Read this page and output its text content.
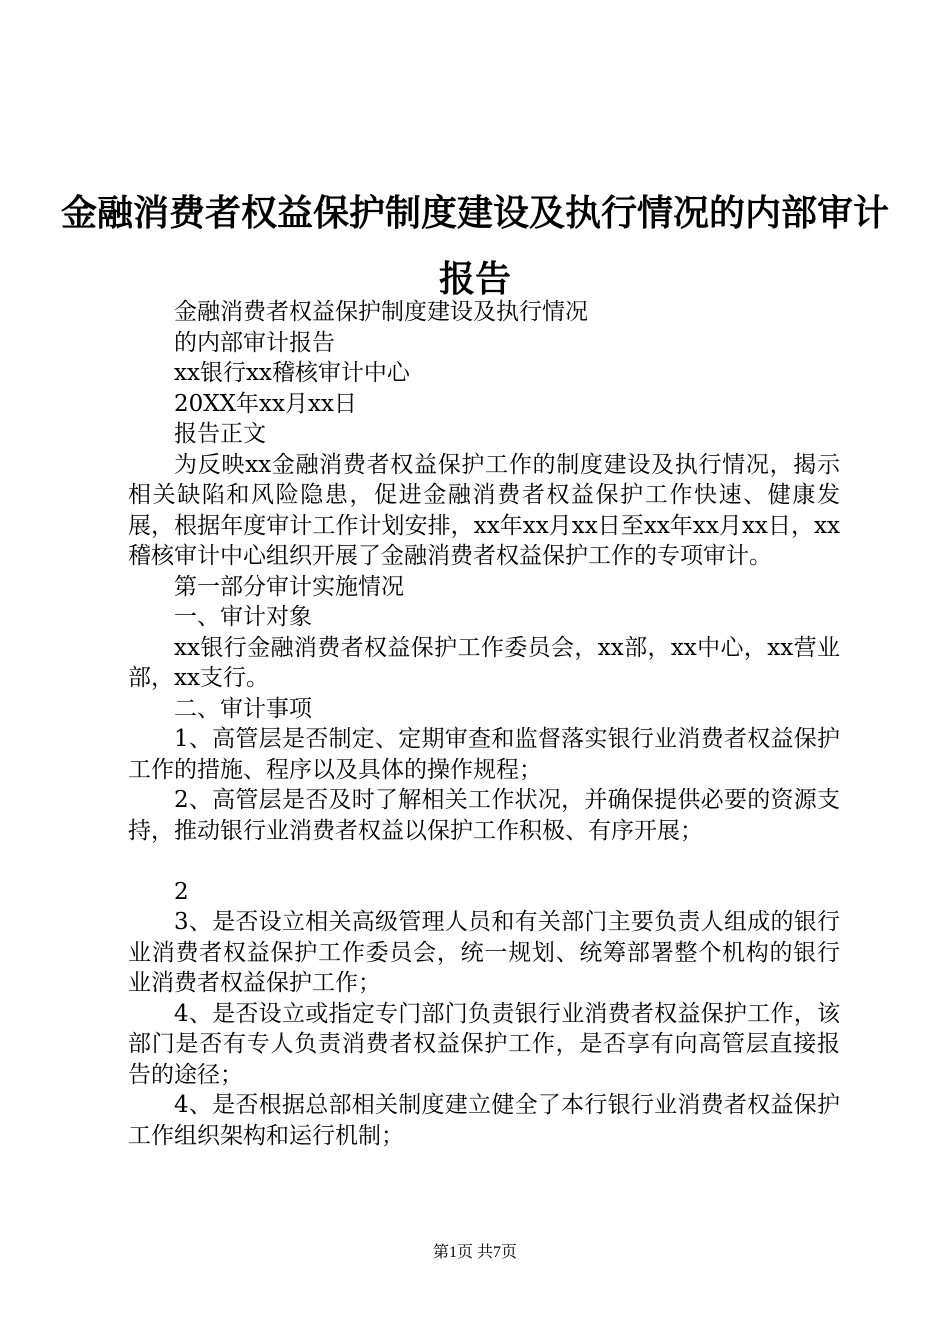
金融消费者权益保护制度建设及执行情况的内部审计报告

金融消费者权益保护制度建设及执行情况

的内部审计报告

xx银行xx稽核审计中心

20XX年xx月xx日

报告正文

为反映xx金融消费者权益保护工作的制度建设及执行情况，揭示相关缺陷和风险隐患，促进金融消费者权益保护工作快速、健康发展，根据年度审计工作计划安排，xx年xx月xx日至xx年xx月xx日，xx稽核审计中心组织开展了金融消费者权益保护工作的专项审计。

第一部分审计实施情况

一、审计对象

xx银行金融消费者权益保护工作委员会，xx部，xx中心，xx营业部，xx支行。

二、审计事项

1、高管层是否制定、定期审查和监督落实银行业消费者权益保护工作的措施、程序以及具体的操作规程；

2、高管层是否及时了解相关工作状况，并确保提供必要的资源支持，推动银行业消费者权益以保护工作积极、有序开展；

2

3、是否设立相关高级管理人员和有关部门主要负责人组成的银行业消费者权益保护工作委员会，统一规划、统筹部署整个机构的银行业消费者权益保护工作；

4、是否设立或指定专门部门负责银行业消费者权益保护工作，该部门是否有专人负责消费者权益保护工作，是否享有向高管层直接报告的途径；

4、是否根据总部相关制度建立健全了本行银行业消费者权益保护工作组织架构和运行机制；

第1页 共7页
